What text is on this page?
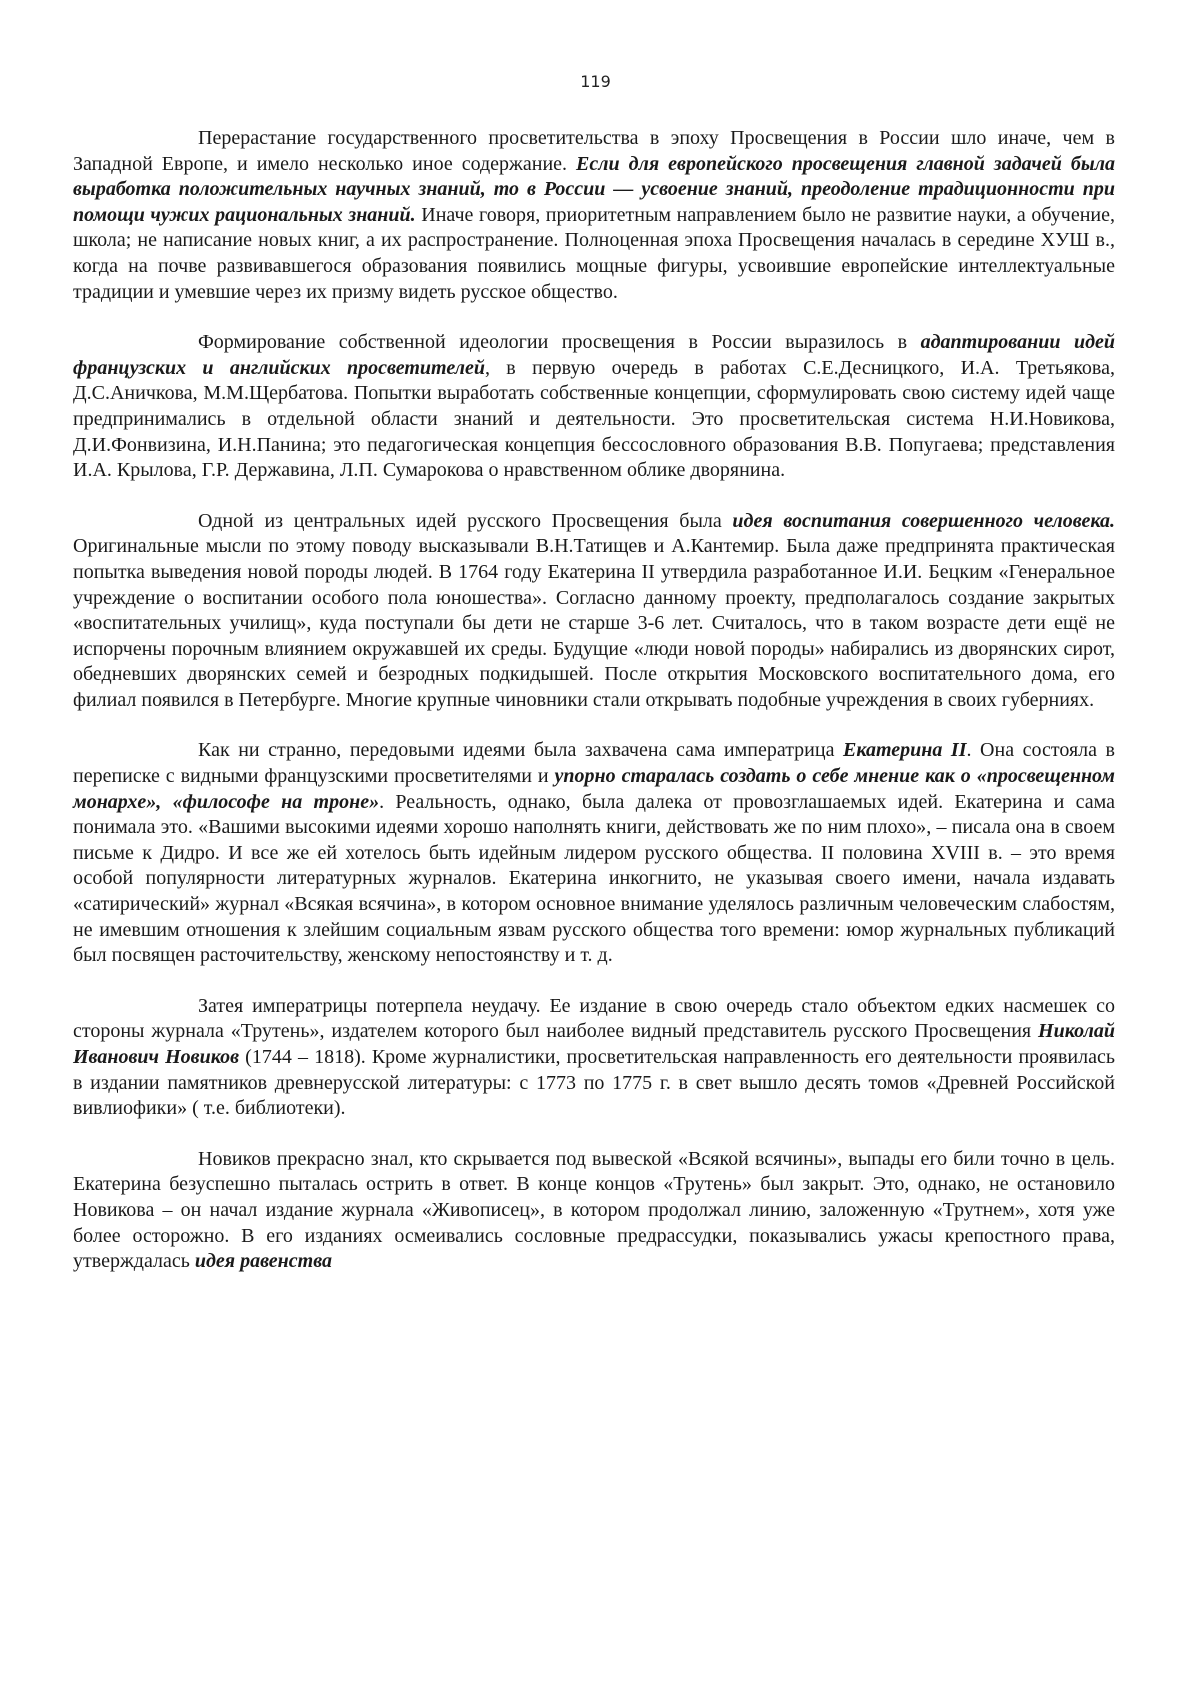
119

Перерастание государственного просветительства в эпоху Просвещения в России шло иначе, чем в Западной Европе, и имело несколько иное содержание. Если для европейского просвещения главной задачей была выработка положительных научных знаний, то в России — усвоение знаний, преодоление традиционности при помощи чужих рациональных знаний. Иначе говоря, приоритетным направлением было не развитие науки, а обучение, школа; не написание новых книг, а их распространение. Полноценная эпоха Просвещения началась в середине ХУШ в., когда на почве развивавшегося образования появились мощные фигуры, усвоившие европейские интеллектуальные традиции и умевшие через их призму видеть русское общество.

Формирование собственной идеологии просвещения в России выразилось в адаптировании идей французских и английских просветителей, в первую очередь в работах С.Е.Десницкого, И.А. Третьякова, Д.С.Аничкова, М.М.Щербатова. Попытки выработать собственные концепции, сформулировать свою систему идей чаще предпринимались в отдельной области знаний и деятельности. Это просветительская система Н.И.Новикова, Д.И.Фонвизина, И.Н.Панина; это педагогическая концепция бессословного образования В.В. Попугаева; представления И.А. Крылова, Г.Р. Державина, Л.П. Сумарокова о нравственном облике дворянина.

Одной из центральных идей русского Просвещения была идея воспитания совершенного человека. Оригинальные мысли по этому поводу высказывали В.Н.Татищев и А.Кантемир. Была даже предпринята практическая попытка выведения новой породы людей. В 1764 году Екатерина II утвердила разработанное И.И. Бецким «Генеральное учреждение о воспитании особого пола юношества». Согласно данному проекту, предполагалось создание закрытых «воспитательных училищ», куда поступали бы дети не старше 3-6 лет. Считалось, что в таком возрасте дети ещё не испорчены порочным влиянием окружавшей их среды. Будущие «люди новой породы» набирались из дворянских сирот, обедневших дворянских семей и безродных подкидышей. После открытия Московского воспитательного дома, его филиал появился в Петербурге. Многие крупные чиновники стали открывать подобные учреждения в своих губерниях.

Как ни странно, передовыми идеями была захвачена сама императрица Екатерина II. Она состояла в переписке с видными французскими просветителями и упорно старалась создать о себе мнение как о «просвещенном монархе», «философе на троне». Реальность, однако, была далека от провозглашаемых идей. Екатерина и сама понимала это. «Вашими высокими идеями хорошо наполнять книги, действовать же по ним плохо», – писала она в своем письме к Дидро. И все же ей хотелось быть идейным лидером русского общества. II половина XVIII в. – это время особой популярности литературных журналов. Екатерина инкогнито, не указывая своего имени, начала издавать «сатирический» журнал «Всякая всячина», в котором основное внимание уделялось различным человеческим слабостям, не имевшим отношения к злейшим социальным язвам русского общества того времени: юмор журнальных публикаций был посвящен расточительству, женскому непостоянству и т. д.

Затея императрицы потерпела неудачу. Ее издание в свою очередь стало объектом едких насмешек со стороны журнала «Трутень», издателем которого был наиболее видный представитель русского Просвещения Николай Иванович Новиков (1744 – 1818). Кроме журналистики, просветительская направленность его деятельности проявилась в издании памятников древнерусской литературы: с 1773 по 1775 г. в свет вышло десять томов «Древней Российской вивлиофики» ( т.е. библиотеки).

Новиков прекрасно знал, кто скрывается под вывеской «Всякой всячины», выпады его били точно в цель. Екатерина безуспешно пыталась острить в ответ. В конце концов «Трутень» был закрыт. Это, однако, не остановило Новикова – он начал издание журнала «Живописец», в котором продолжал линию, заложенную «Трутнем», хотя уже более осторожно. В его изданиях осмеивались сословные предрассудки, показывались ужасы крепостного права, утверждалась идея равенства
